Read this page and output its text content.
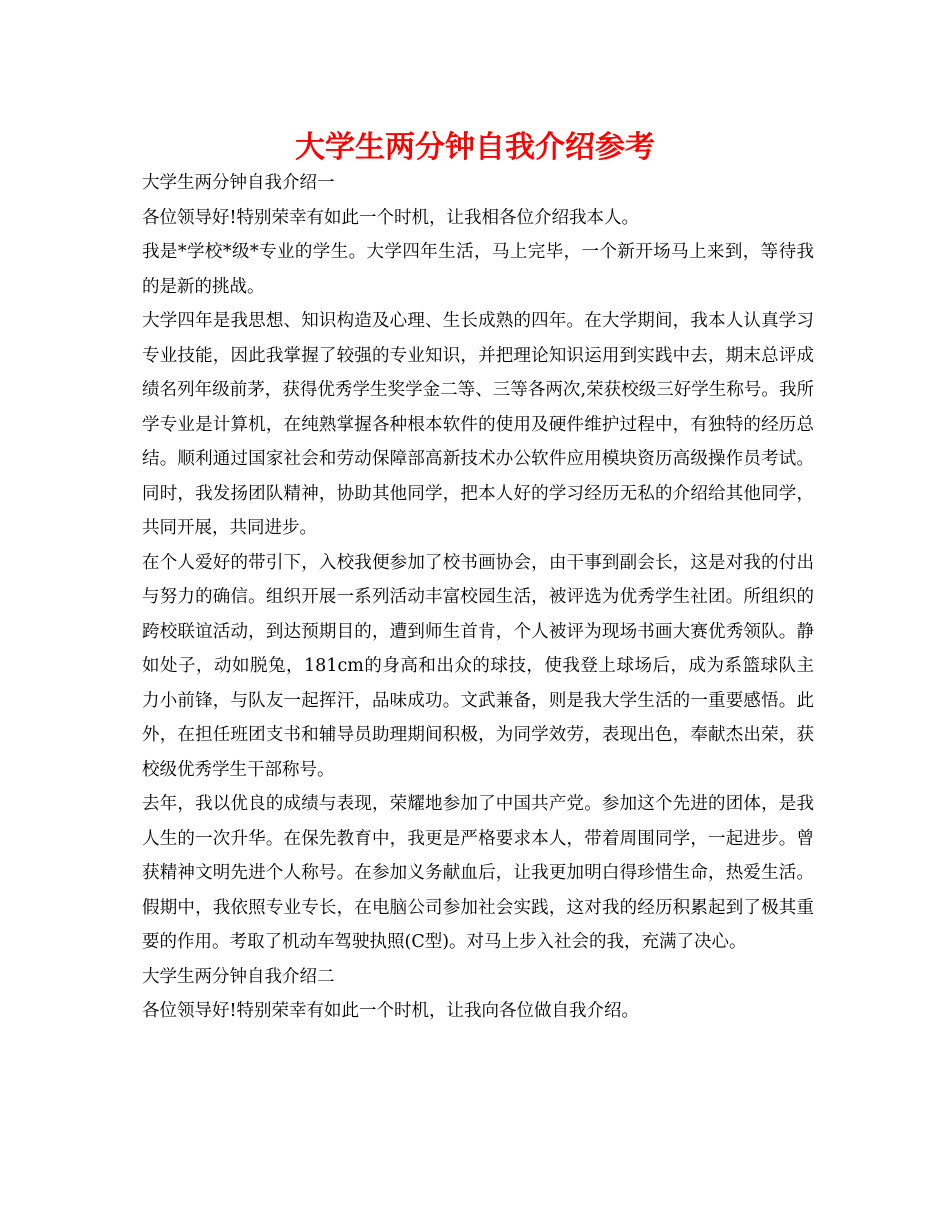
大学生两分钟自我介绍参考

大学生两分钟自我介绍一

各位领导好!特别荣幸有如此一个时机，让我相各位介绍我本人。

我是*学校*级*专业的学生。大学四年生活，马上完毕，一个新开场马上来到，等待我的是新的挑战。

大学四年是我思想、知识构造及心理、生长成熟的四年。在大学期间，我本人认真学习专业技能，因此我掌握了较强的专业知识，并把理论知识运用到实践中去，期末总评成绩名列年级前茅，获得优秀学生奖学金二等、三等各两次,荣获校级三好学生称号。我所学专业是计算机，在纯熟掌握各种根本软件的使用及硬件维护过程中，有独特的经历总结。顺利通过国家社会和劳动保障部高新技术办公软件应用模块资历高级操作员考试。同时，我发扬团队精神，协助其他同学，把本人好的学习经历无私的介绍给其他同学，共同开展，共同进步。

在个人爱好的带引下，入校我便参加了校书画协会，由干事到副会长，这是对我的付出与努力的确信。组织开展一系列活动丰富校园生活，被评选为优秀学生社团。所组织的跨校联谊活动，到达预期目的，遭到师生首肯，个人被评为现场书画大赛优秀领队。静如处子，动如脱兔，181cm的身高和出众的球技，使我登上球场后，成为系篮球队主力小前锋，与队友一起挥汗，品味成功。文武兼备，则是我大学生活的一重要感悟。此外，在担任班团支书和辅导员助理期间积极，为同学效劳，表现出色，奉献杰出荣，获校级优秀学生干部称号。

去年，我以优良的成绩与表现，荣耀地参加了中国共产党。参加这个先进的团体，是我人生的一次升华。在保先教育中，我更是严格要求本人，带着周围同学，一起进步。曾获精神文明先进个人称号。在参加义务献血后，让我更加明白得珍惜生命，热爱生活。假期中，我依照专业专长，在电脑公司参加社会实践，这对我的经历积累起到了极其重要的作用。考取了机动车驾驶执照(C型)。对马上步入社会的我，充满了决心。

大学生两分钟自我介绍二

各位领导好!特别荣幸有如此一个时机，让我向各位做自我介绍。
